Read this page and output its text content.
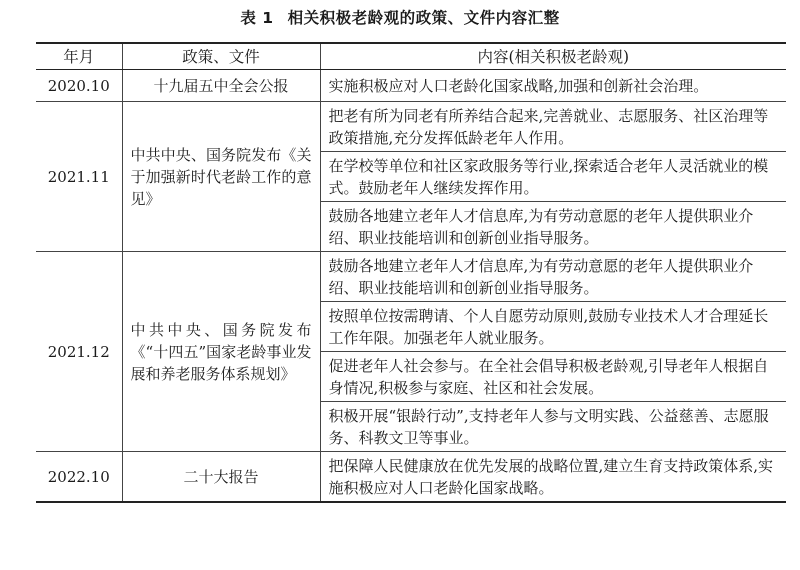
表 1 相关积极老龄观的政策、文件内容汇整
年月	政策、文件	内容(相关积极老龄观)
2020.10	十九届五中全会公报	实施积极应对人口老龄化国家战略,加强和创新社会治理。
2021.11	中共中央、国务院发布《关于加强新时代老龄工作的意见》	把老有所为同老有所养结合起来,完善就业、志愿服务、社区治理等政策措施,充分发挥低龄老年人作用。
		在学校等单位和社区家政服务等行业,探索适合老年人灵活就业的模式。鼓励老年人继续发挥作用。
		鼓励各地建立老年人才信息库,为有劳动意愿的老年人提供职业介绍、职业技能培训和创新创业指导服务。
2021.12	中共中央、国务院发布《“十四五”国家老龄事业发展和养老服务体系规划》	鼓励各地建立老年人才信息库,为有劳动意愿的老年人提供职业介绍、职业技能培训和创新创业指导服务。
		按照单位按需聘请、个人自愿劳动原则,鼓励专业技术人才合理延长工作年限。加强老年人就业服务。
		促进老年人社会参与。在全社会倡导积极老龄观,引导老年人根据自身情况,积极参与家庭、社区和社会发展。
		积极开展“银龄行动”,支持老年人参与文明实践、公益慈善、志愿服务、科教文卫等事业。
2022.10	二十大报告	把保障人民健康放在优先发展的战略位置,建立生育支持政策体系,实施积极应对人口老龄化国家战略。
